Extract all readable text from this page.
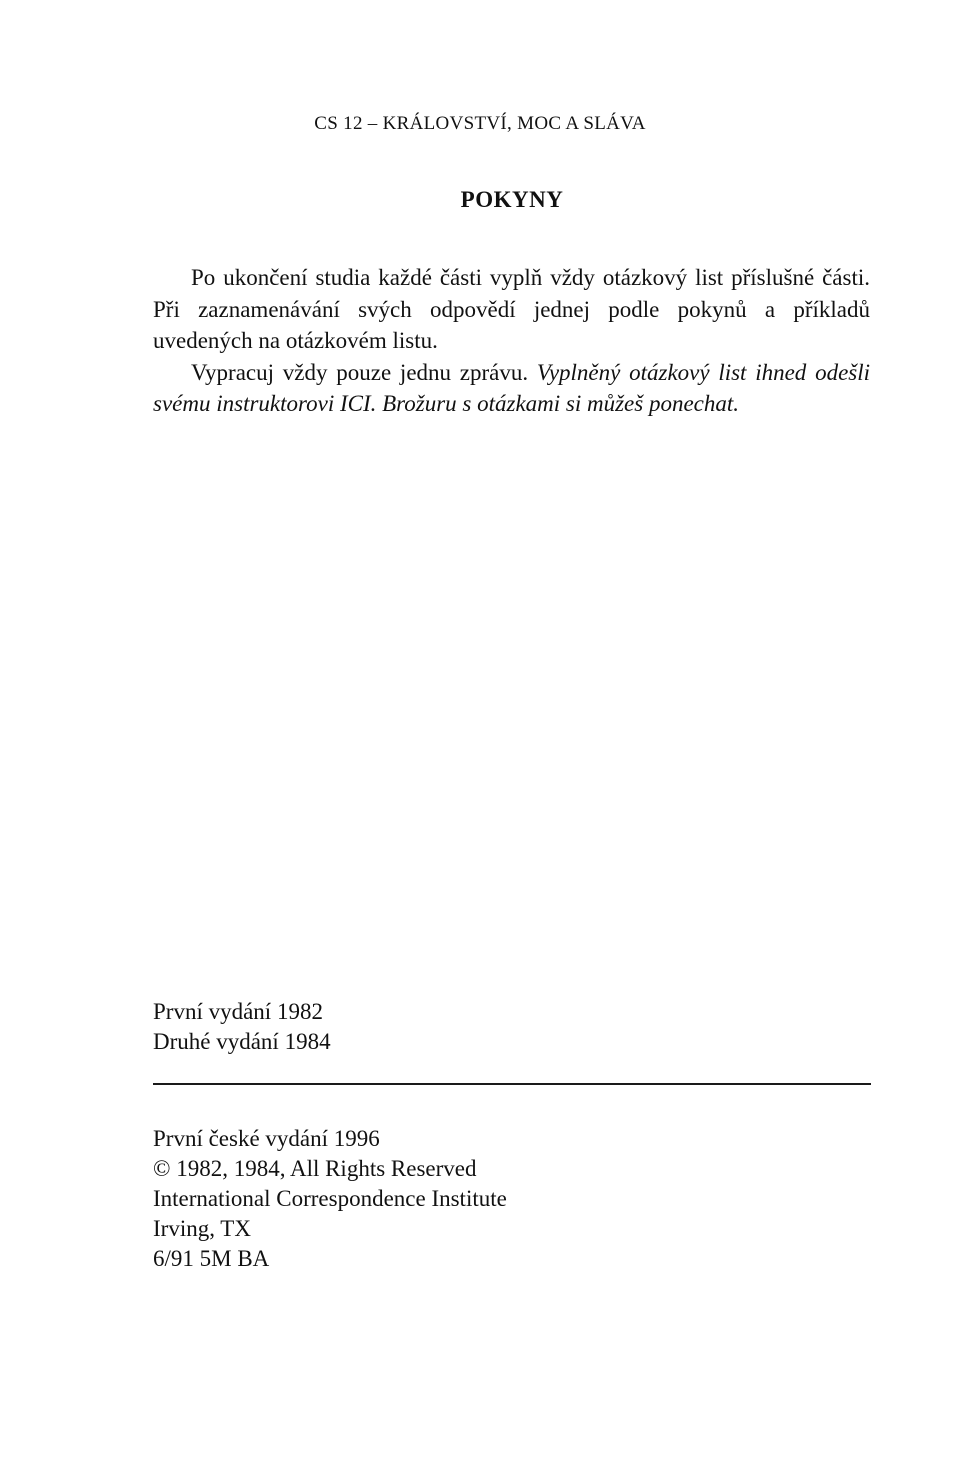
CS 12 – KRÁLOVSTVÍ, MOC A SLÁVA
POKYNY

Po ukončení studia každé části vyplň vždy otázkový list příslušné části. Při zaznamenávání svých odpovědí jednej podle pokynů a příkladů uvedených na otázkovém listu.

Vypracuj vždy pouze jednu zprávu. Vyplněný otázkový list ihned odešli svému instruktorovi ICI. Brožuru s otázkami si můžeš ponechat.

První vydání 1982
Druhé vydání 1984
První české vydání 1996
© 1982, 1984, All Rights Reserved
International Correspondence Institute
Irving, TX
6/91 5M BA
